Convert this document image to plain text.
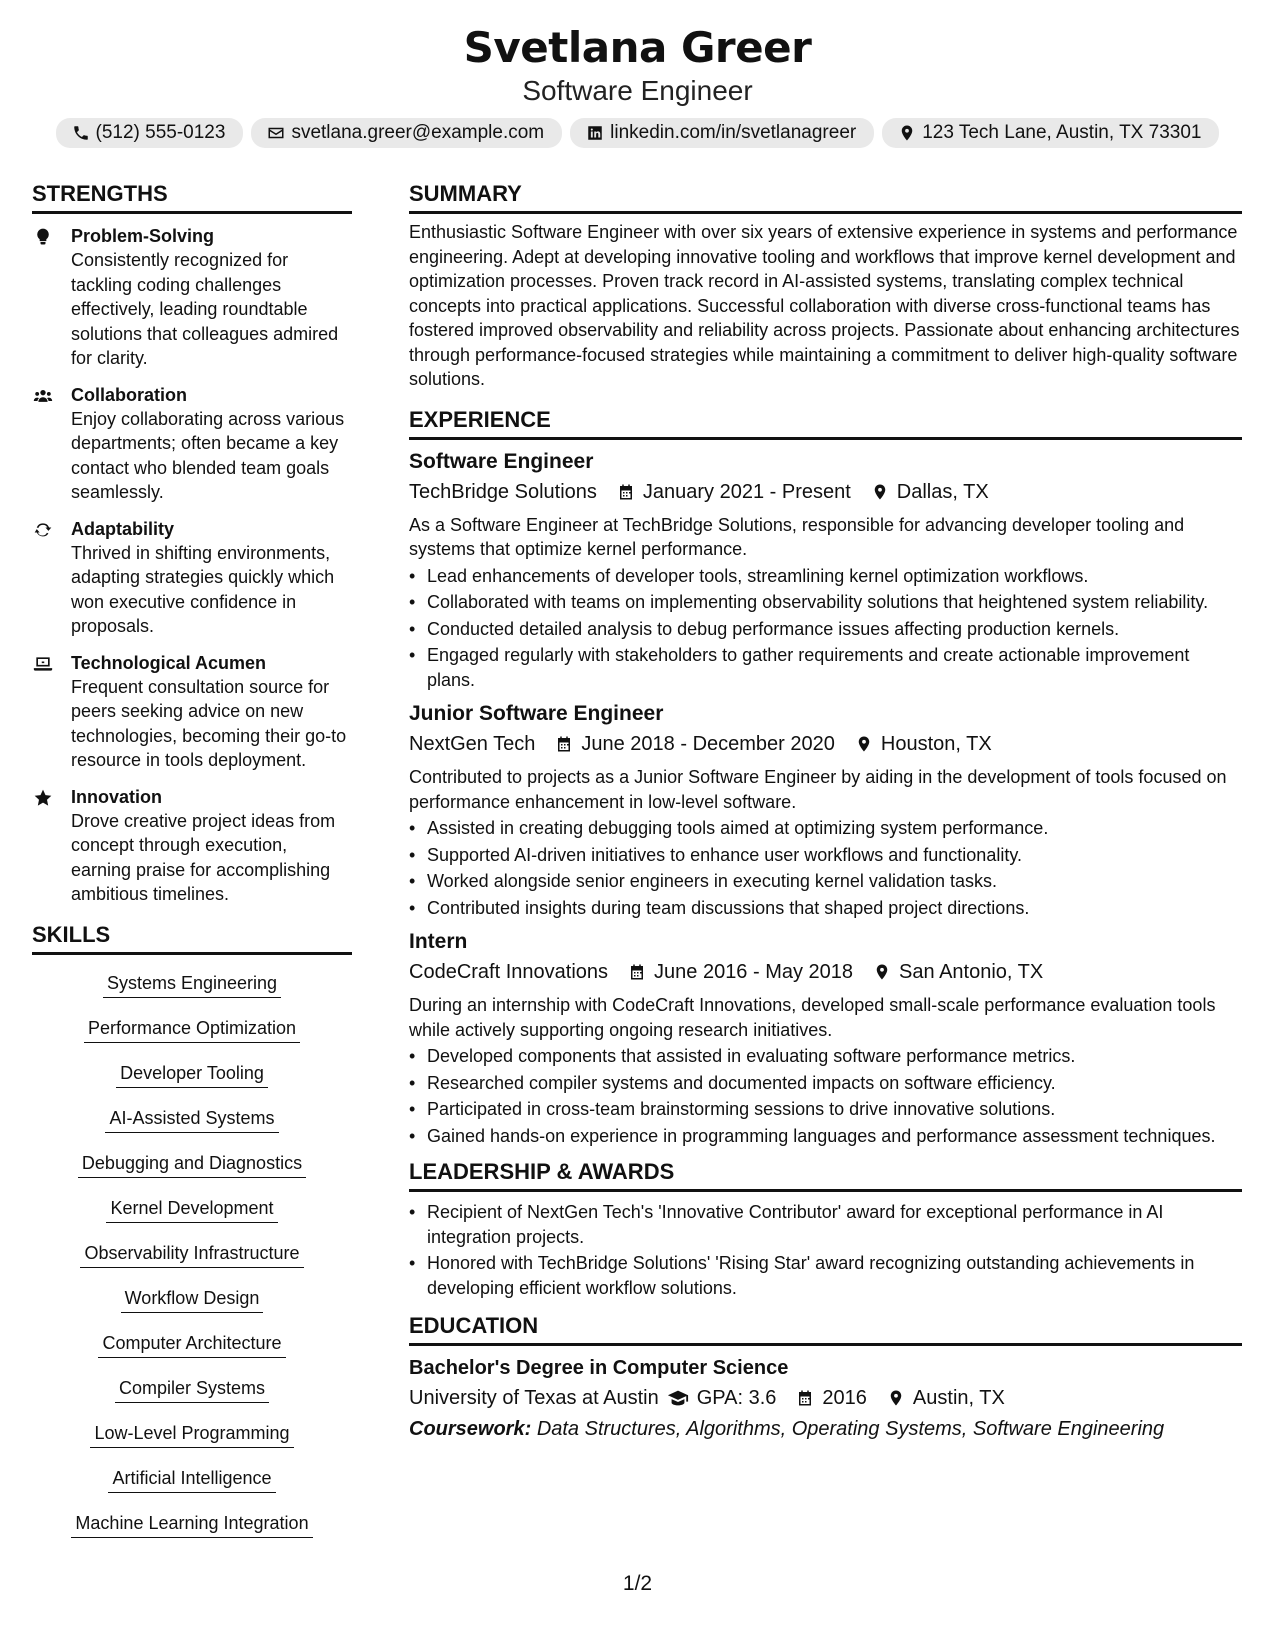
Svetlana Greer
Software Engineer
(512) 555-0123	svetlana.greer@example.com	linkedin.com/in/svetlanagreer	123 Tech Lane, Austin, TX 73301
STRENGTHS
Problem-Solving
Consistently recognized for tackling coding challenges effectively, leading roundtable solutions that colleagues admired for clarity.
Collaboration
Enjoy collaborating across various departments; often became a key contact who blended team goals seamlessly.
Adaptability
Thrived in shifting environments, adapting strategies quickly which won executive confidence in proposals.
Technological Acumen
Frequent consultation source for peers seeking advice on new technologies, becoming their go-to resource in tools deployment.
Innovation
Drove creative project ideas from concept through execution, earning praise for accomplishing ambitious timelines.
SKILLS
Systems Engineering
Performance Optimization
Developer Tooling
AI-Assisted Systems
Debugging and Diagnostics
Kernel Development
Observability Infrastructure
Workflow Design
Computer Architecture
Compiler Systems
Low-Level Programming
Artificial Intelligence
Machine Learning Integration
SUMMARY
Enthusiastic Software Engineer with over six years of extensive experience in systems and performance engineering. Adept at developing innovative tooling and workflows that improve kernel development and optimization processes. Proven track record in AI-assisted systems, translating complex technical concepts into practical applications. Successful collaboration with diverse cross-functional teams has fostered improved observability and reliability across projects. Passionate about enhancing architectures through performance-focused strategies while maintaining a commitment to deliver high-quality software solutions.
EXPERIENCE
Software Engineer
TechBridge Solutions January 2021 - Present Dallas, TX
As a Software Engineer at TechBridge Solutions, responsible for advancing developer tooling and systems that optimize kernel performance.
• Lead enhancements of developer tools, streamlining kernel optimization workflows.
• Collaborated with teams on implementing observability solutions that heightened system reliability.
• Conducted detailed analysis to debug performance issues affecting production kernels.
• Engaged regularly with stakeholders to gather requirements and create actionable improvement plans.
Junior Software Engineer
NextGen Tech June 2018 - December 2020 Houston, TX
Contributed to projects as a Junior Software Engineer by aiding in the development of tools focused on performance enhancement in low-level software.
• Assisted in creating debugging tools aimed at optimizing system performance.
• Supported AI-driven initiatives to enhance user workflows and functionality.
• Worked alongside senior engineers in executing kernel validation tasks.
• Contributed insights during team discussions that shaped project directions.
Intern
CodeCraft Innovations June 2016 - May 2018 San Antonio, TX
During an internship with CodeCraft Innovations, developed small-scale performance evaluation tools while actively supporting ongoing research initiatives.
• Developed components that assisted in evaluating software performance metrics.
• Researched compiler systems and documented impacts on software efficiency.
• Participated in cross-team brainstorming sessions to drive innovative solutions.
• Gained hands-on experience in programming languages and performance assessment techniques.
LEADERSHIP & AWARDS
• Recipient of NextGen Tech's 'Innovative Contributor' award for exceptional performance in AI integration projects.
• Honored with TechBridge Solutions' 'Rising Star' award recognizing outstanding achievements in developing efficient workflow solutions.
EDUCATION
Bachelor's Degree in Computer Science
University of Texas at Austin GPA: 3.6 2016 Austin, TX
Coursework: Data Structures, Algorithms, Operating Systems, Software Engineering
1/2
